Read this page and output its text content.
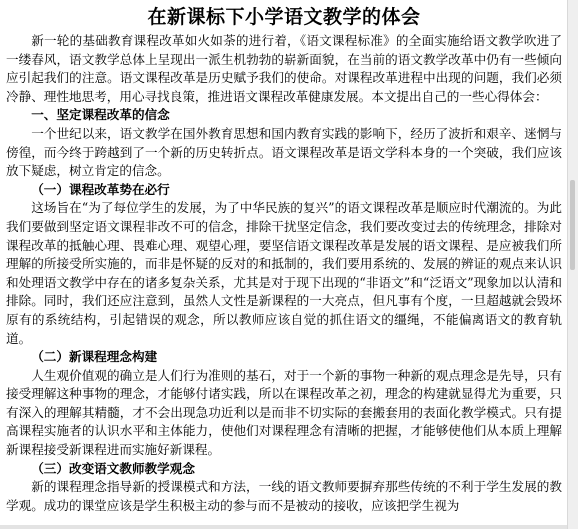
在新课标下小学语文教学的体会

新一轮的基础教育课程改革如火如荼的进行着，《语文课程标准》的全面实施给语文教学吹进了一缕春风，语文教学总体上呈现出一派生机勃勃的崭新面貌，在当前的语文教学改革中仍有一些倾向应引起我们的注意。语文课程改革是历史赋予我们的使命。对课程改革进程中出现的问题，我们必须冷静、理性地思考，用心寻找良策，推进语文课程改革健康发展。本文提出自己的一些心得体会：

一、坚定课程改革的信念

一个世纪以来，语文教学在国外教育思想和国内教育实践的影响下，经历了波折和艰辛、迷惘与傍徨，而今终于跨越到了一个新的历史转折点。语文课程改革是语文学科本身的一个突破，我们应该放下疑虑，树立肯定的信念。

（一）课程改革势在必行

这场旨在“为了每位学生的发展，为了中华民族的复兴”的语文课程改革是顺应时代潮流的。为此我们要做到坚定语文课程非改不可的信念，排除干扰坚定信念，我们要改变过去的传统理念，排除对课程改革的抵触心理、畏难心理、观望心理，要坚信语文课程改革是发展的语文课程、是应被我们所理解的所接受所实施的，而非是怀疑的反对的和抵制的，我们要用系统的、发展的辨证的观点来认识和处理语文教学中存在的诸多复杂关系，尤其是对于现下出现的“非语文”和“泛语文”现象加以认清和排除。同时，我们还应注意到，虽然人文性是新课程的一大亮点，但凡事有个度，一旦超越就会毁坏原有的系统结构，引起错误的观念，所以教师应该自觉的抓住语文的缰绳，不能偏离语文的教育轨道。

（二）新课程理念构建

人生观价值观的确立是人们行为准则的基石，对于一个新的事物一种新的观点理念是先导，只有接受理解这种事物的理念，才能够付诸实践，所以在课程改革之初，理念的构建就显得尤为重要，只有深入的理解其精髓，才不会出现急功近利以是而非不切实际的套搬套用的表面化教学模式。只有提高课程实施者的认识水平和主体能力，使他们对课程理念有清晰的把握，才能够使他们从本质上理解新课程接受新课程进而实施好新课程。

（三）改变语文教师教学观念

新的课程理念指导新的授课模式和方法，一线的语文教师要摒弃那些传统的不利于学生发展的教学观。成功的课堂应该是学生积极主动的参与而不是被动的接收，应该把学生视为
